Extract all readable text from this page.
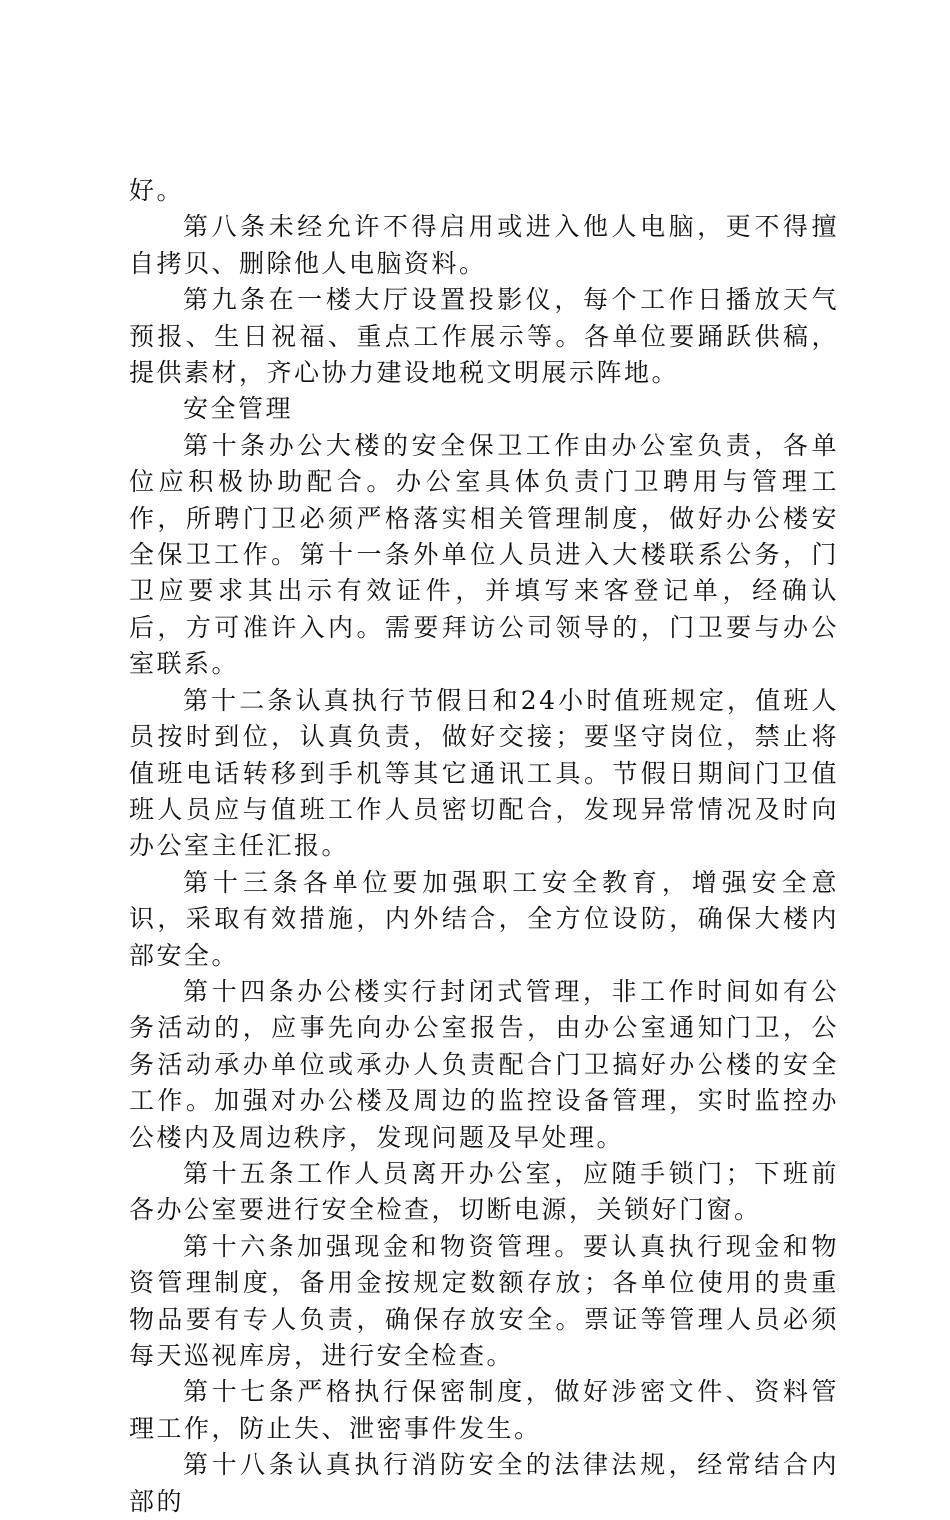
好。

第八条未经允许不得启用或进入他人电脑，更不得擅自拷贝、删除他人电脑资料。

第九条在一楼大厅设置投影仪，每个工作日播放天气预报、生日祝福、重点工作展示等。各单位要踊跃供稿，提供素材，齐心协力建设地税文明展示阵地。

安全管理

第十条办公大楼的安全保卫工作由办公室负责，各单位应积极协助配合。办公室具体负责门卫聘用与管理工作，所聘门卫必须严格落实相关管理制度，做好办公楼安全保卫工作。第十一条外单位人员进入大楼联系公务，门卫应要求其出示有效证件，并填写来客登记单，经确认后，方可准许入内。需要拜访公司领导的，门卫要与办公室联系。

第十二条认真执行节假日和24小时值班规定，值班人员按时到位，认真负责，做好交接；要坚守岗位，禁止将值班电话转移到手机等其它通讯工具。节假日期间门卫值班人员应与值班工作人员密切配合，发现异常情况及时向办公室主任汇报。

第十三条各单位要加强职工安全教育，增强安全意识，采取有效措施，内外结合，全方位设防，确保大楼内部安全。

第十四条办公楼实行封闭式管理，非工作时间如有公务活动的，应事先向办公室报告，由办公室通知门卫，公务活动承办单位或承办人负责配合门卫搞好办公楼的安全工作。加强对办公楼及周边的监控设备管理，实时监控办公楼内及周边秩序，发现问题及早处理。

第十五条工作人员离开办公室，应随手锁门；下班前各办公室要进行安全检查，切断电源，关锁好门窗。

第十六条加强现金和物资管理。要认真执行现金和物资管理制度，备用金按规定数额存放；各单位使用的贵重物品要有专人负责，确保存放安全。票证等管理人员必须每天巡视库房，进行安全检查。

第十七条严格执行保密制度，做好涉密文件、资料管理工作，防止失、泄密事件发生。

第十八条认真执行消防安全的法律法规，经常结合内部的
